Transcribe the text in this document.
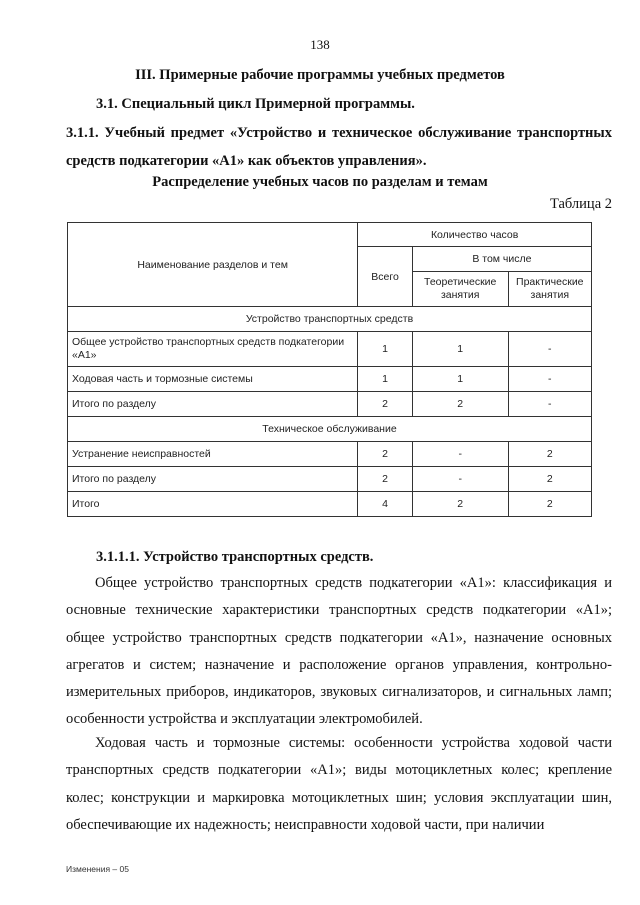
138
III. Примерные рабочие программы учебных предметов
3.1. Специальный цикл Примерной программы.
3.1.1. Учебный предмет «Устройство и техническое обслуживание транспортных средств подкатегории «А1» как объектов управления».
Распределение учебных часов по разделам и темам
Таблица 2
Наименование разделов и тем	Количество часов		
	Всего	В том числе	
		Теоретические занятия	Практические занятия
Устройство транспортных средств			
Общее устройство транспортных средств подкатегории «А1»	1	1	-
Ходовая часть и тормозные системы	1	1	-
Итого по разделу	2	2	-
Техническое обслуживание			
Устранение неисправностей	2	-	2
Итого по разделу	2	-	2
Итого	4	2	2
3.1.1.1. Устройство транспортных средств.

Общее устройство транспортных средств подкатегории «А1»: классификация и основные технические характеристики транспортных средств подкатегории «А1»; общее устройство транспортных средств подкатегории «А1», назначение основных агрегатов и систем; назначение и расположение органов управления, контрольно-измерительных приборов, индикаторов, звуковых сигнализаторов, и сигнальных ламп; особенности устройства и эксплуатации электромобилей.

Ходовая часть и тормозные системы: особенности устройства ходовой части транспортных средств подкатегории «А1»; виды мотоциклетных колес; крепление колес; конструкции и маркировка мотоциклетных шин; условия эксплуатации шин, обеспечивающие их надежность; неисправности ходовой части, при наличии

Изменения – 05
